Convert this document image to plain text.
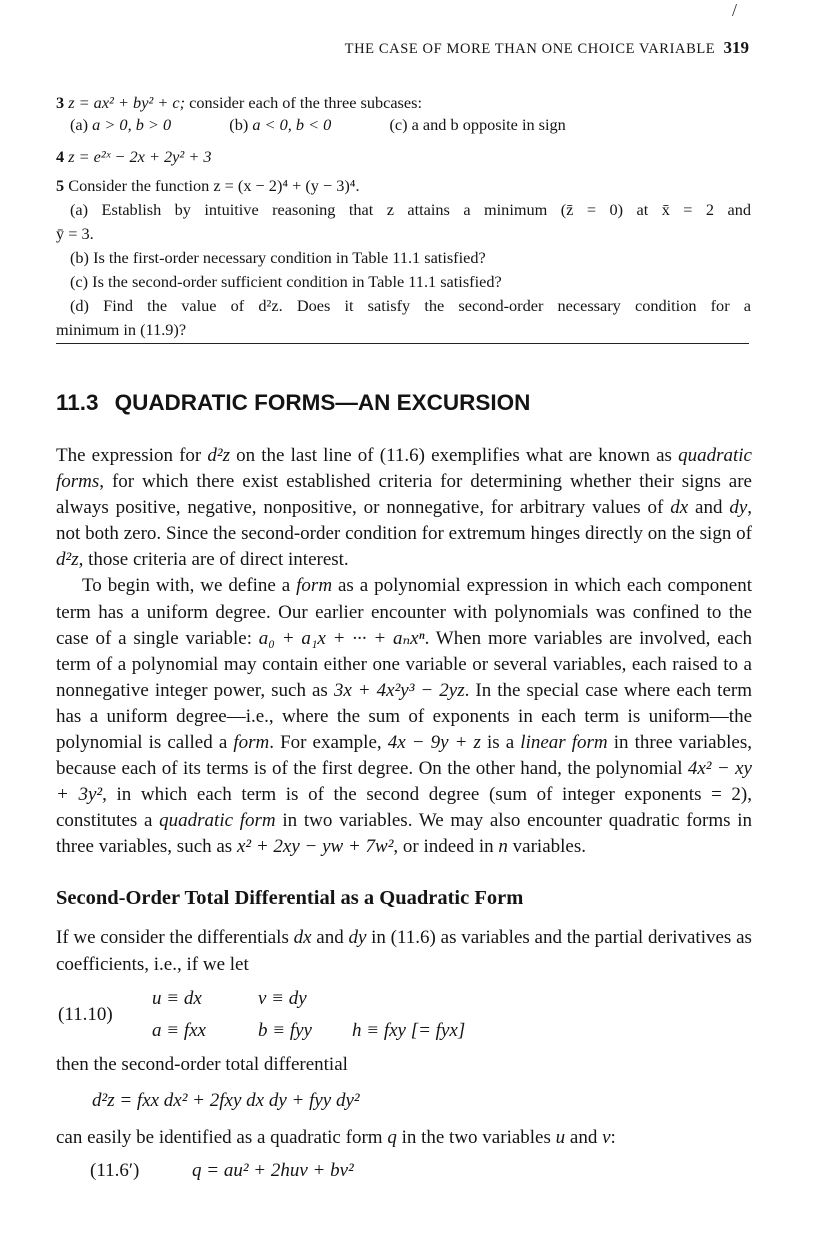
/
THE CASE OF MORE THAN ONE CHOICE VARIABLE 319
3 z = ax² + by² + c; consider each of the three subcases:
(a) a > 0, b > 0	(b) a < 0, b < 0	(c) a and b opposite in sign
4 z = e²ˣ − 2x + 2y² + 3
5 Consider the function z = (x − 2)⁴ + (y − 3)⁴.
(a) Establish by intuitive reasoning that z attains a minimum (z̄ = 0) at x̄ = 2 and
ȳ = 3.
(b) Is the first-order necessary condition in Table 11.1 satisfied?
(c) Is the second-order sufficient condition in Table 11.1 satisfied?
(d) Find the value of d²z. Does it satisfy the second-order necessary condition for a
minimum in (11.9)?
11.3 QUADRATIC FORMS—AN EXCURSION

The expression for d²z on the last line of (11.6) exemplifies what are known as quadratic forms, for which there exist established criteria for determining whether their signs are always positive, negative, nonpositive, or nonnegative, for arbitrary values of dx and dy, not both zero. Since the second-order condition for extremum hinges directly on the sign of d²z, those criteria are of direct interest.

To begin with, we define a form as a polynomial expression in which each component term has a uniform degree. Our earlier encounter with polynomials was confined to the case of a single variable: a₀ + a₁x + ··· + aₙxⁿ. When more variables are involved, each term of a polynomial may contain either one variable or several variables, each raised to a nonnegative integer power, such as 3x + 4x²y³ − 2yz. In the special case where each term has a uniform degree—i.e., where the sum of exponents in each term is uniform—the polynomial is called a form. For example, 4x − 9y + z is a linear form in three variables, because each of its terms is of the first degree. On the other hand, the polynomial 4x² − xy + 3y², in which each term is of the second degree (sum of integer exponents = 2), constitutes a quadratic form in two variables. We may also encounter quadratic forms in three variables, such as x² + 2xy − yw + 7w², or indeed in n variables.

Second-Order Total Differential as a Quadratic Form
If we consider the differentials dx and dy in (11.6) as variables and the partial derivatives as coefficients, i.e., if we let
(11.10)
u ≡ dx	v ≡ dy
a ≡ fxx	b ≡ fyy h ≡ fxy [= fyx]
then the second-order total differential
d²z = fxx dx² + 2fxy dx dy + fyy dy²
can easily be identified as a quadratic form q in the two variables u and v:
(11.6′)	q = au² + 2huv + bv²
